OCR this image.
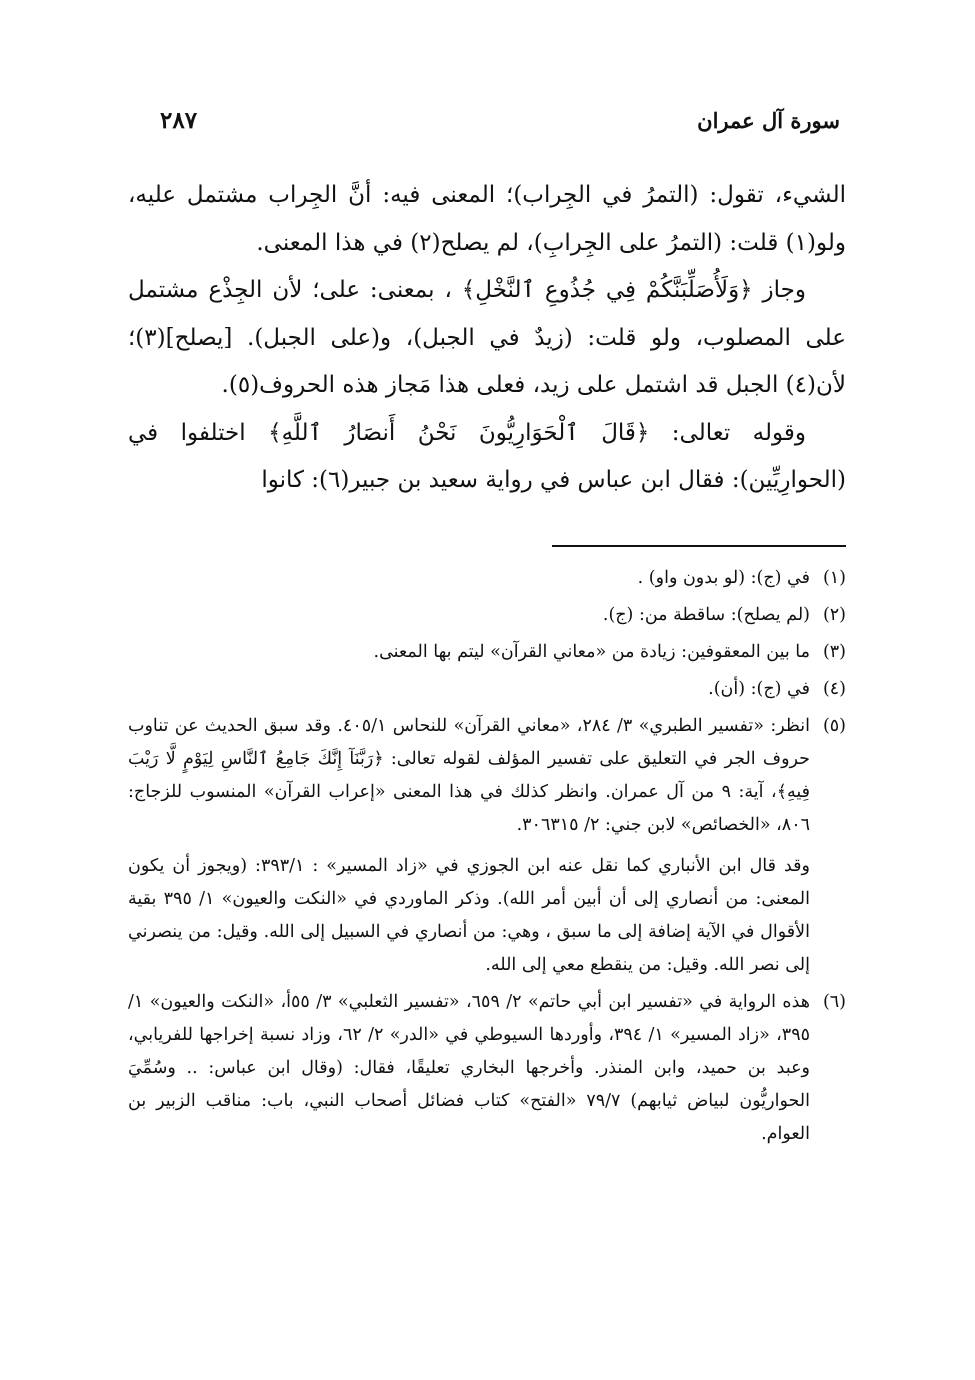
سورة آل عمران
٢٨٧

الشيء، تقول: (التمرُ في الجِراب)؛ المعنى فيه: أنَّ الجِراب مشتمل عليه، ولو(١) قلت: (التمرُ على الجِرابِ)، لم يصلح(٢) في هذا المعنى.

وجاز ﴿وَلَأُصَلِّبَنَّكُمْ فِي جُذُوعِ ٱلنَّخْلِ﴾ ، بمعنى: على؛ لأن الجِذْع مشتمل على المصلوب، ولو قلت: (زيدٌ في الجبل)، و(على الجبل). [يصلح](٣)؛ لأن(٤) الجبل قد اشتمل على زيد، فعلى هذا مَجاز هذه الحروف(٥).

وقوله تعالى: ﴿قَالَ ٱلْحَوَارِيُّونَ نَحْنُ أَنصَارُ ٱللَّهِ﴾ اختلفوا في (الحوارِيِّين): فقال ابن عباس في رواية سعيد بن جبير(٦): كانوا

(١)

في (ج): (لو بدون واو) .

(٢)

(لم يصلح): ساقطة من: (ج).

(٣)

ما بين المعقوفين: زيادة من «معاني القرآن» ليتم بها المعنى.

(٤)

في (ج): (أن).

(٥)

انظر: «تفسير الطبري» ٣/ ٢٨٤، «معاني القرآن» للنحاس ٤٠٥/١. وقد سبق الحديث عن تناوب حروف الجر في التعليق على تفسير المؤلف لقوله تعالى: ﴿رَبَّنَآ إِنَّكَ جَامِعُ ٱلنَّاسِ لِيَوْمٍ لَّا رَيْبَ فِيهِ﴾، آية: ٩ من آل عمران. وانظر كذلك في هذا المعنى «إعراب القرآن» المنسوب للزجاج: ٨٠٦، «الخصائص» لابن جني: ٢/ ٣٠٦٣١٥.

وقد قال ابن الأنباري كما نقل عنه ابن الجوزي في «زاد المسير» : ٣٩٣/١: (ويجوز أن يكون المعنى: من أنصاري إلى أن أبين أمر الله). وذكر الماوردي في «النكت والعيون» ١/ ٣٩٥ بقية الأقوال في الآية إضافة إلى ما سبق ، وهي: من أنصاري في السبيل إلى الله. وقيل: من ينصرني إلى نصر الله. وقيل: من ينقطع معي إلى الله.

(٦)

هذه الرواية في «تفسير ابن أبي حاتم» ٢/ ٦٥٩، «تفسير الثعلبي» ٣/ ٥٥أ، «النكت والعيون» ١/ ٣٩٥، «زاد المسير» ١/ ٣٩٤، وأوردها السيوطي في «الدر» ٢/ ٦٢، وزاد نسبة إخراجها للفريابي، وعبد بن حميد، وابن المنذر. وأخرجها البخاري تعليقًا، فقال: (وقال ابن عباس: .. وسُمِّيَ الحواريُّون لبياض ثيابهم) ٧٩/٧ «الفتح» كتاب فضائل أصحاب النبي، باب: مناقب الزبير بن العوام.
